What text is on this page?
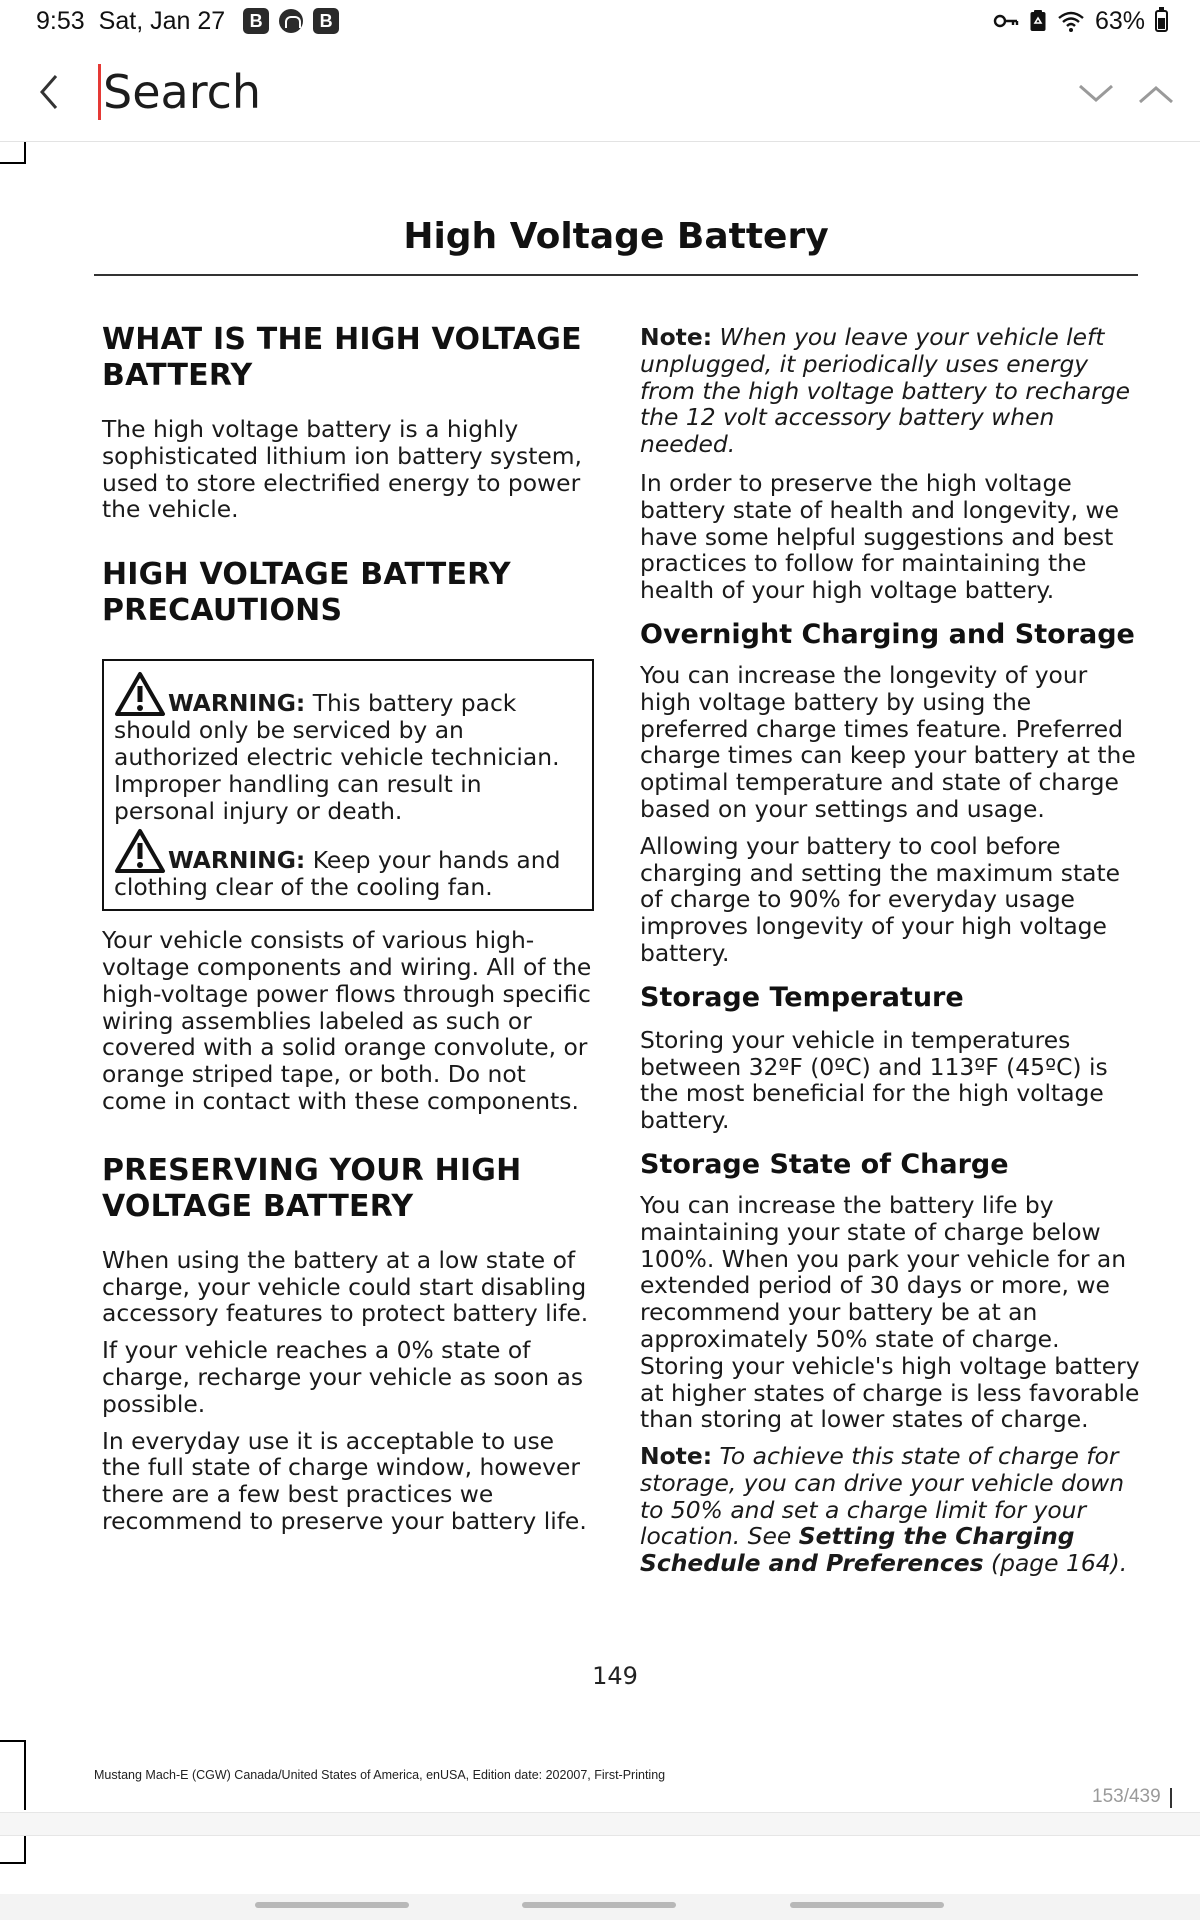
9:53 Sat, Jan 27	B	B	63%
Search
High Voltage Battery
WHAT IS THE HIGH VOLTAGE BATTERY
The high voltage battery is a highly sophisticated lithium ion battery system, used to store electrified energy to power the vehicle.
HIGH VOLTAGE BATTERY PRECAUTIONS
WARNING: This battery pack should only be serviced by an authorized electric vehicle technician. Improper handling can result in personal injury or death.
WARNING: Keep your hands and clothing clear of the cooling fan.
Your vehicle consists of various high-voltage components and wiring. All of the high-voltage power flows through specific wiring assemblies labeled as such or covered with a solid orange convolute, or orange striped tape, or both. Do not come in contact with these components.
PRESERVING YOUR HIGH VOLTAGE BATTERY
When using the battery at a low state of charge, your vehicle could start disabling accessory features to protect battery life.
If your vehicle reaches a 0% state of charge, recharge your vehicle as soon as possible.
In everyday use it is acceptable to use the full state of charge window, however there are a few best practices we recommend to preserve your battery life.
Note: When you leave your vehicle left unplugged, it periodically uses energy from the high voltage battery to recharge the 12 volt accessory battery when needed.
In order to preserve the high voltage battery state of health and longevity, we have some helpful suggestions and best practices to follow for maintaining the health of your high voltage battery.
Overnight Charging and Storage
You can increase the longevity of your high voltage battery by using the preferred charge times feature. Preferred charge times can keep your battery at the optimal temperature and state of charge based on your settings and usage.
Allowing your battery to cool before charging and setting the maximum state of charge to 90% for everyday usage improves longevity of your high voltage battery.
Storage Temperature
Storing your vehicle in temperatures between 32ºF (0ºC) and 113ºF (45ºC) is the most beneficial for the high voltage battery.
Storage State of Charge
You can increase the battery life by maintaining your state of charge below 100%. When you park your vehicle for an extended period of 30 days or more, we recommend your battery be at an approximately 50% state of charge. Storing your vehicle's high voltage battery at higher states of charge is less favorable than storing at lower states of charge.
Note: To achieve this state of charge for storage, you can drive your vehicle down to 50% and set a charge limit for your location. See Setting the Charging Schedule and Preferences (page 164).
149
Mustang Mach-E (CGW) Canada/United States of America, enUSA, Edition date: 202007, First-Printing
153/439
